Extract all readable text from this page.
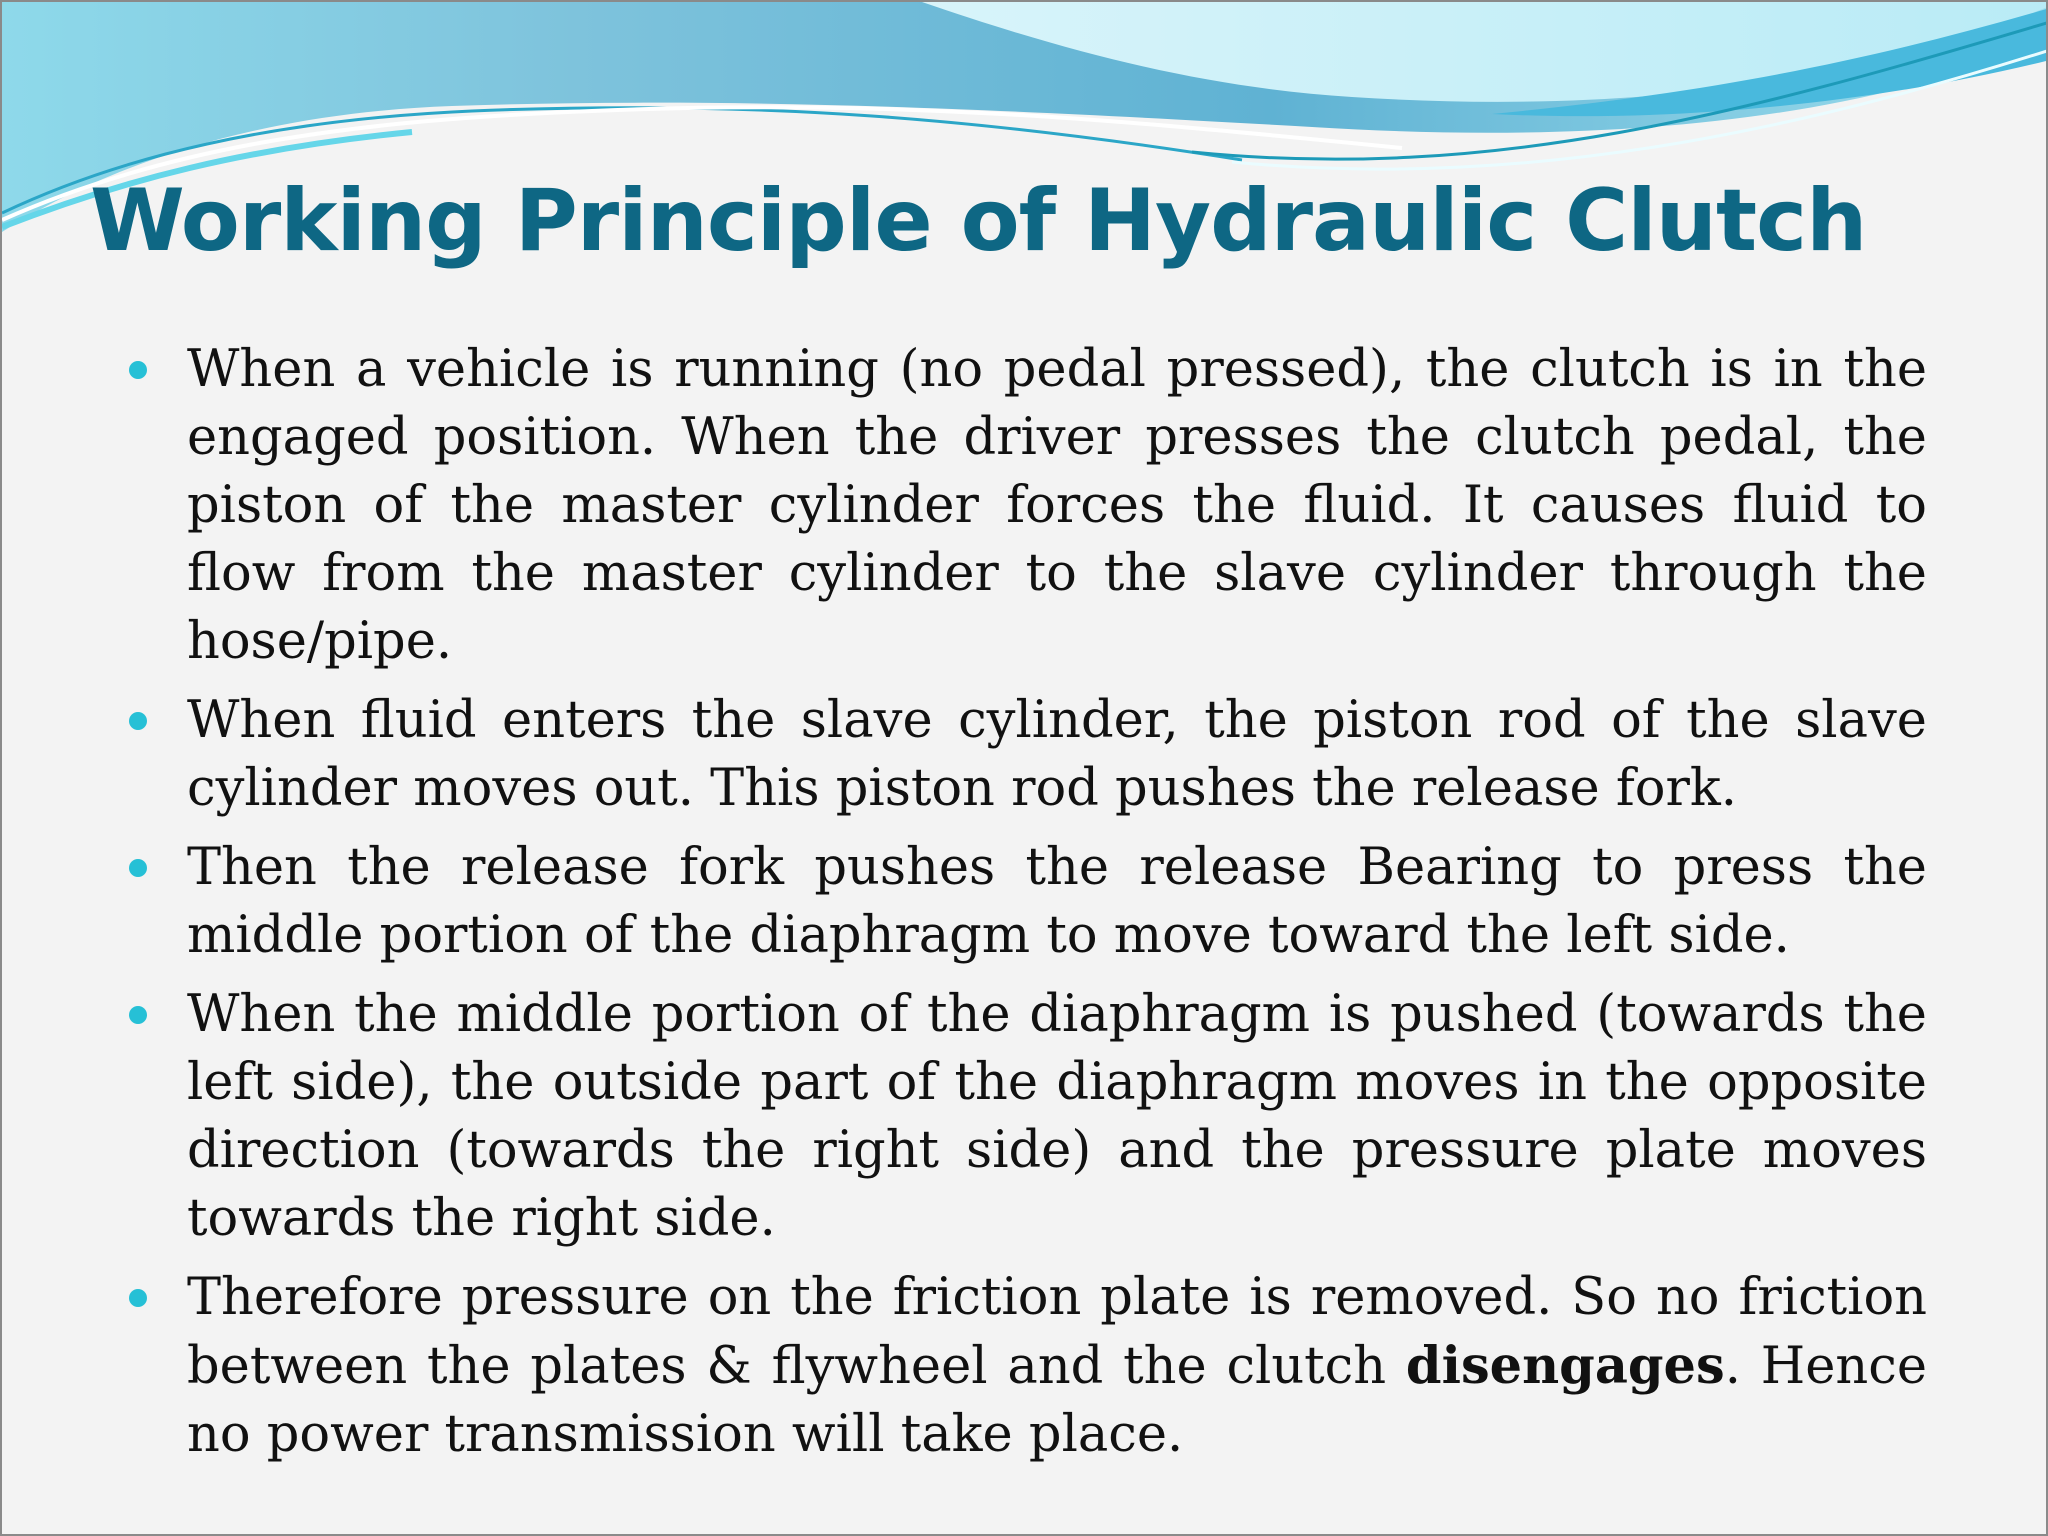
Working Principle of Hydraulic Clutch
When a vehicle is running (no pedal pressed), the clutch is in the engaged position. When the driver presses the clutch pedal, the piston of the master cylinder forces the fluid. It causes fluid to flow from the master cylinder to the slave cylinder through the hose/pipe.
When fluid enters the slave cylinder, the piston rod of the slave cylinder moves out. This piston rod pushes the release fork.
Then the release fork pushes the release Bearing to press the middle portion of the diaphragm to move toward the left side.
When the middle portion of the diaphragm is pushed (towards the left side), the outside part of the diaphragm moves in the opposite direction (towards the right side) and the pressure plate moves towards the right side.
Therefore pressure on the friction plate is removed. So no friction between the plates & flywheel and the clutch disengages. Hence no power transmission will take place.
